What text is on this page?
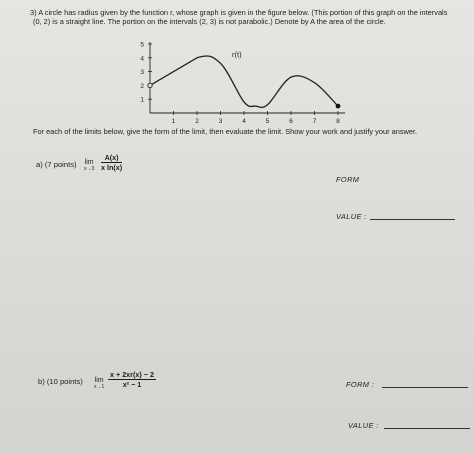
3) A circle has radius given by the function r, whose graph is given in the figure below. (This portion of this graph on the intervals
(0, 2) is a straight line. The portion on the intervals (2, 3) is not parabolic.) Denote by A the area of the circle.
1
2
3
4
5
1	2	3	4	5	6	7	8
r(t)
For each of the limits below, give the form of the limit, then evaluate the limit. Show your work and justify your answer.
a) (7 points) lim
$x\to 3 \frac{A(x)}{\text{x ln(x)}}$
FORM
VALUE :
b) (10 points) lim
$x\to 1 \frac{x + 2xr(x) - 2}{\text{x² − 1}}$	FORM :
VALUE :
